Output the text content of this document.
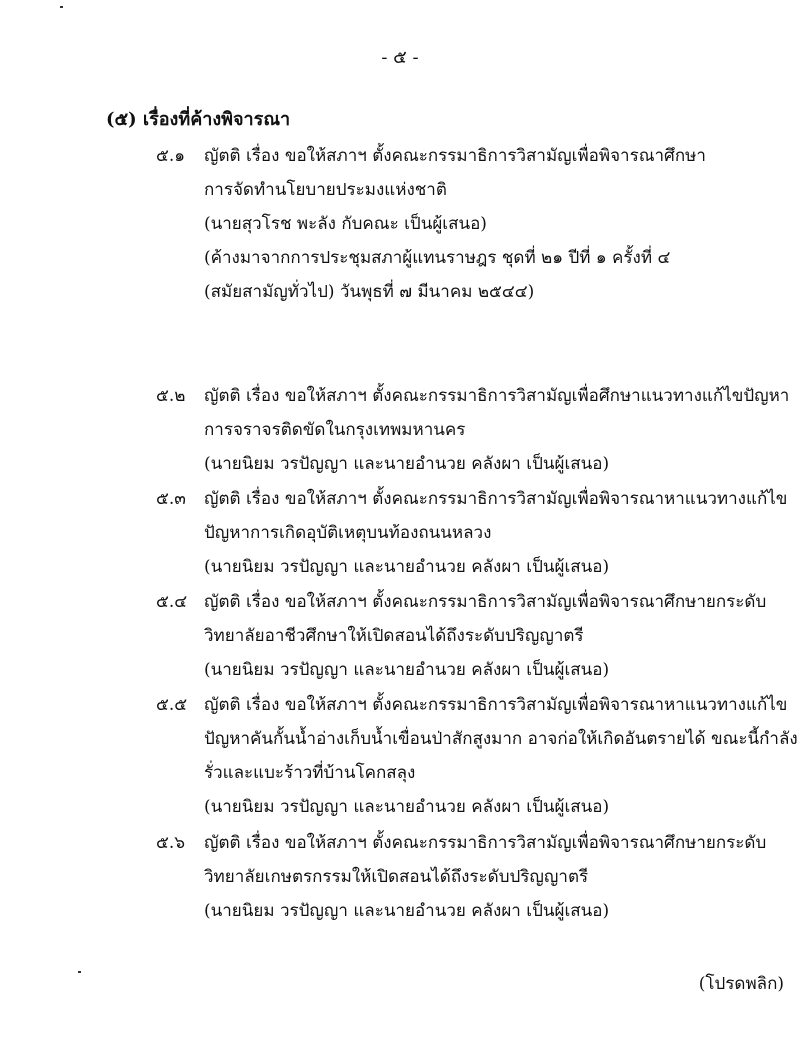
- ๕ -
(๕) เรื่องที่ค้างพิจารณา
๕.๑ ญัตติ เรื่อง ขอให้สภาฯ ตั้งคณะกรรมาธิการวิสามัญเพื่อพิจารณาศึกษา
การจัดทำนโยบายประมงแห่งชาติ
(นายสุวโรช พะลัง กับคณะ เป็นผู้เสนอ)
(ค้างมาจากการประชุมสภาผู้แทนราษฎร ชุดที่ ๒๑ ปีที่ ๑ ครั้งที่ ๔
(สมัยสามัญทั่วไป) วันพุธที่ ๗ มีนาคม ๒๕๔๔)
๕.๒ ญัตติ เรื่อง ขอให้สภาฯ ตั้งคณะกรรมาธิการวิสามัญเพื่อศึกษาแนวทางแก้ไขปัญหา
การจราจรติดขัดในกรุงเทพมหานคร
(นายนิยม วรปัญญา และนายอำนวย คลังผา เป็นผู้เสนอ)
๕.๓ ญัตติ เรื่อง ขอให้สภาฯ ตั้งคณะกรรมาธิการวิสามัญเพื่อพิจารณาหาแนวทางแก้ไข
ปัญหาการเกิดอุบัติเหตุบนท้องถนนหลวง
(นายนิยม วรปัญญา และนายอำนวย คลังผา เป็นผู้เสนอ)
๕.๔ ญัตติ เรื่อง ขอให้สภาฯ ตั้งคณะกรรมาธิการวิสามัญเพื่อพิจารณาศึกษายกระดับ
วิทยาลัยอาชีวศึกษาให้เปิดสอนได้ถึงระดับปริญญาตรี
(นายนิยม วรปัญญา และนายอำนวย คลังผา เป็นผู้เสนอ)
๕.๕ ญัตติ เรื่อง ขอให้สภาฯ ตั้งคณะกรรมาธิการวิสามัญเพื่อพิจารณาหาแนวทางแก้ไข
ปัญหาคันกั้นน้ำอ่างเก็บน้ำเขื่อนป่าสักสูงมาก อาจก่อให้เกิดอันตรายได้ ขณะนี้กำลัง
รั่วและแบะร้าวที่บ้านโคกสลุง
(นายนิยม วรปัญญา และนายอำนวย คลังผา เป็นผู้เสนอ)
๕.๖ ญัตติ เรื่อง ขอให้สภาฯ ตั้งคณะกรรมาธิการวิสามัญเพื่อพิจารณาศึกษายกระดับ
วิทยาลัยเกษตรกรรมให้เปิดสอนได้ถึงระดับปริญญาตรี
(นายนิยม วรปัญญา และนายอำนวย คลังผา เป็นผู้เสนอ)
(โปรดพลิก)
